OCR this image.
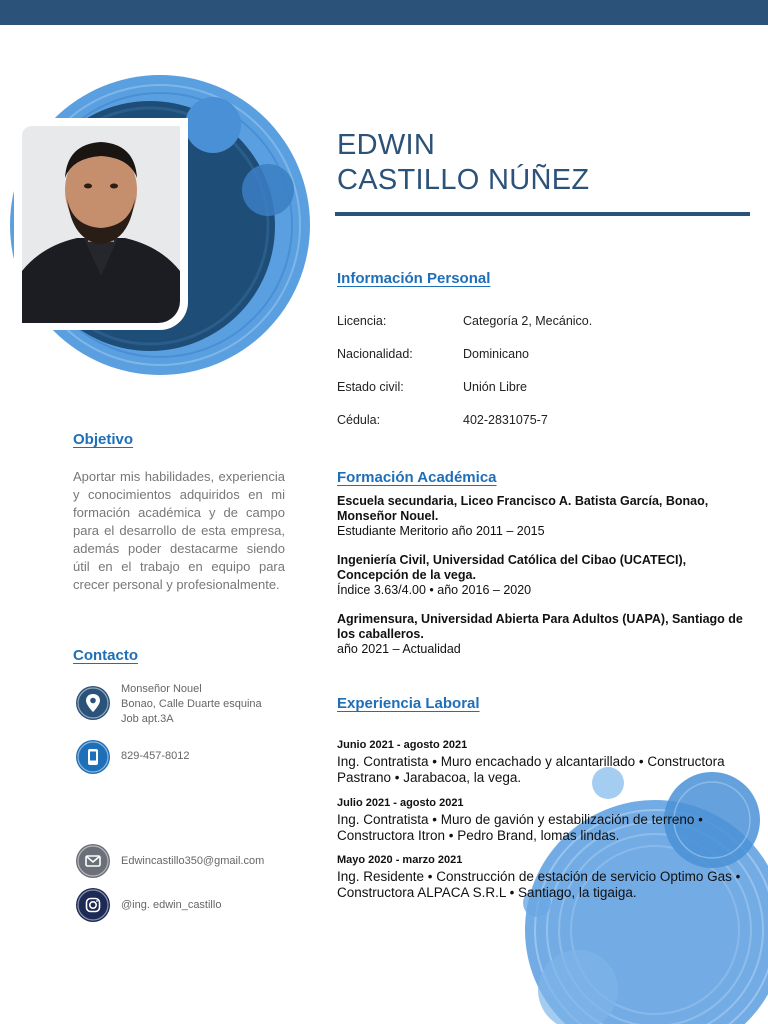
EDWIN
CASTILLO NÚÑEZ
Información Personal
Licencia:	Categoría 2, Mecánico.
Nacionalidad:	Dominicano
Estado civil:	Unión Libre
Cédula:	402-2831075-7
Formación Académica
Escuela secundaria, Liceo Francisco A. Batista García, Bonao, Monseñor Nouel.
Estudiante Meritorio año 2011 – 2015
Ingeniería Civil, Universidad Católica del Cibao (UCATECI), Concepción de la vega.
Índice 3.63/4.00 • año 2016 – 2020
Agrimensura, Universidad Abierta Para Adultos (UAPA), Santiago de los caballeros.
año 2021 – Actualidad
Experiencia Laboral
Junio 2021 - agosto 2021
Ing. Contratista • Muro encachado y alcantarillado • Constructora Pastrano • Jarabacoa, la vega.
Julio 2021 - agosto 2021
Ing. Contratista • Muro de gavión y estabilización de terreno • Constructora Itron • Pedro Brand, lomas lindas.
Mayo 2020 - marzo 2021
Ing. Residente • Construcción de estación de servicio Optimo Gas • Constructora ALPACA S.R.L • Santiago, la tigaiga.
Objetivo
Aportar mis habilidades, experiencia y conocimientos adquiridos en mi formación académica y de campo para el desarrollo de esta empresa, además poder destacarme siendo útil en el trabajo en equipo para crecer personal y profesionalmente.
Contacto
Monseñor Nouel
Bonao, Calle Duarte esquina
Job apt.3A
829-457-8012
Edwincastillo350@gmail.com
@ing. edwin_castillo
